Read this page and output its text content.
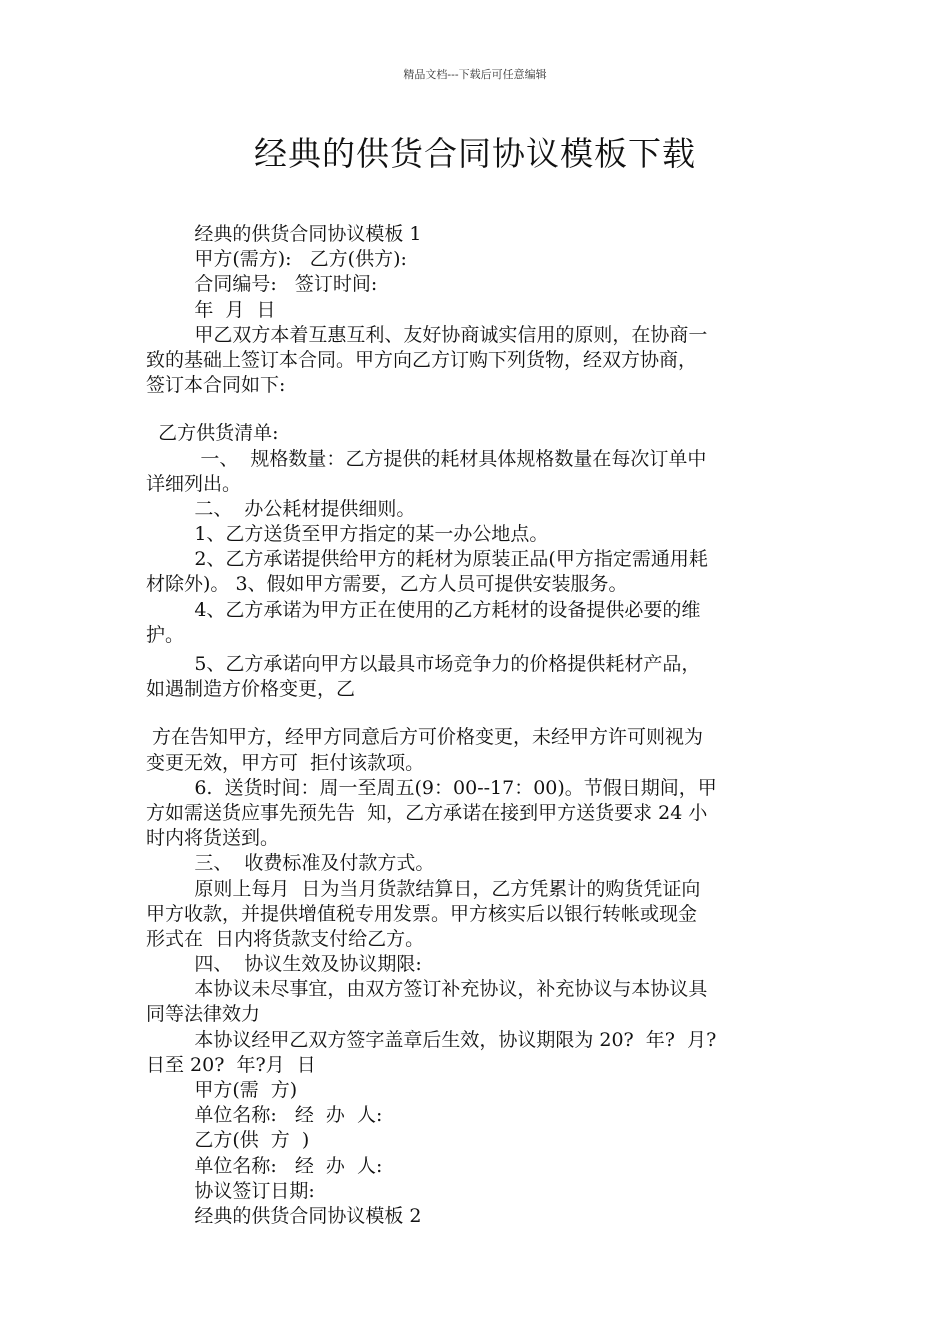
精品文档---下载后可任意编辑
经典的供货合同协议模板下载
经典的供货合同协议模板 1
甲方(需方):   乙方(供方):
合同编号:   签订时间:
年  月  日
甲乙双方本着互惠互利、友好协商诚实信用的原则，在协商一
致的基础上签订本合同。甲方向乙方订购下列货物，经双方协商，
签订本合同如下:
乙方供货清单:
一、  规格数量：乙方提供的耗材具体规格数量在每次订单中
详细列出。
二、  办公耗材提供细则。
1、乙方送货至甲方指定的某一办公地点。
2、乙方承诺提供给甲方的耗材为原装正品(甲方指定需通用耗
材除外)。 3、假如甲方需要，乙方人员可提供安装服务。
4、乙方承诺为甲方正在使用的乙方耗材的设备提供必要的维
护。
5、乙方承诺向甲方以最具市场竞争力的价格提供耗材产品，
如遇制造方价格变更，乙
方在告知甲方，经甲方同意后方可价格变更，未经甲方许可则视为
变更无效，甲方可  拒付该款项。
6.  送货时间：周一至周五(9：00--17：00)。节假日期间，甲
方如需送货应事先预先告  知，乙方承诺在接到甲方送货要求 24 小
时内将货送到。
三、  收费标准及付款方式。
原则上每月  日为当月货款结算日，乙方凭累计的购货凭证向
甲方收款，并提供增值税专用发票。甲方核实后以银行转帐或现金
形式在  日内将货款支付给乙方。
四、  协议生效及协议期限:
本协议未尽事宜，由双方签订补充协议，补充协议与本协议具
同等法律效力
本协议经甲乙双方签字盖章后生效，协议期限为 20?  年?  月?
日至 20?  年?月  日
甲方(需  方)
单位名称:   经  办  人:
乙方(供  方  )
单位名称:   经  办  人:
协议签订日期:
经典的供货合同协议模板 2
